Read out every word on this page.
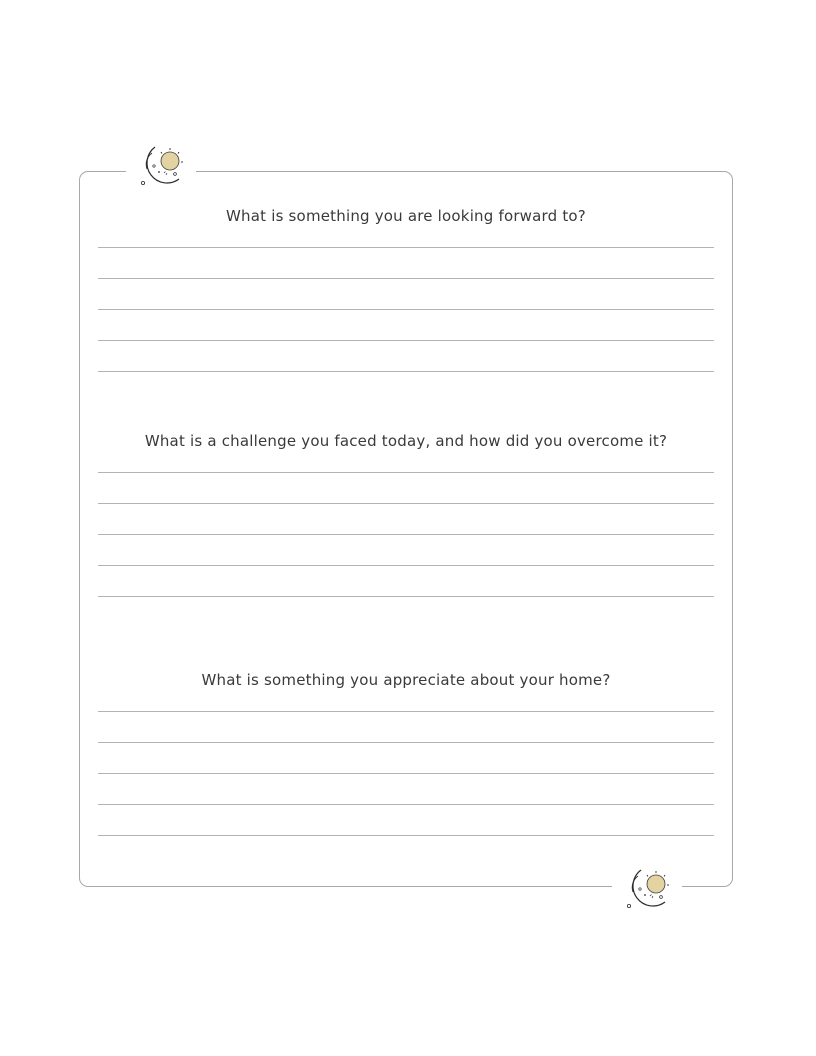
What is something you are looking forward to?
What is a challenge you faced today, and how did you overcome it?
What is something you appreciate about your home?
